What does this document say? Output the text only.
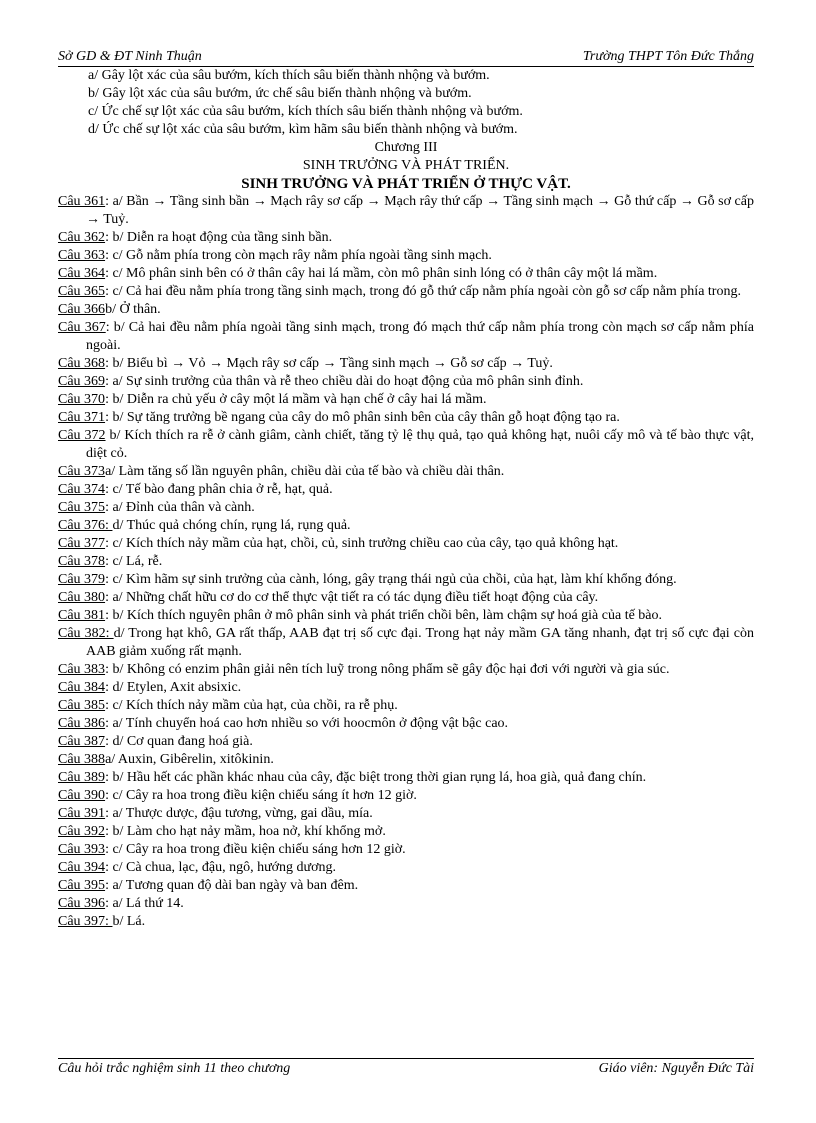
Sở GD & ĐT Ninh Thuận	Trường THPT Tôn Đức Thắng
a/ Gây lột xác của sâu bướm, kích thích sâu biến thành nhộng và bướm.
b/ Gây lột xác của sâu bướm, ức chế sâu biến thành nhộng và bướm.
c/ Ức chế sự lột xác của sâu bướm, kích thích sâu biến thành nhộng và bướm.
d/ Ức chế sự lột xác của sâu bướm, kìm hãm sâu biến thành nhộng và bướm.
Chương III
SINH TRƯỞNG VÀ PHÁT TRIỂN.
SINH TRƯỞNG VÀ PHÁT TRIỂN Ở THỰC VẬT.
Câu 361: a/ Bần → Tầng sinh bần → Mạch rây sơ cấp → Mạch rây thứ cấp → Tầng sinh mạch → Gỗ thứ cấp → Gỗ sơ cấp → Tuỷ.
Câu 362: b/ Diễn ra hoạt động của tầng sinh bần.
Câu 363: c/ Gỗ nằm phía trong còn mạch rây nằm phía ngoài tầng sinh mạch.
Câu 364: c/ Mô phân sinh bên có ở thân cây hai lá mầm, còn mô phân sinh lóng có ở thân cây một lá mầm.
Câu 365: c/ Cả hai đều nằm phía trong tầng sinh mạch, trong đó gỗ thứ cấp nằm phía ngoài còn gỗ sơ cấp nằm phía trong.
Câu 366b/ Ở thân.
Câu 367: b/ Cả hai đều nằm phía ngoài tầng sinh mạch, trong đó mạch thứ cấp nằm phía trong còn mạch sơ cấp nằm phía ngoài.
Câu 368: b/ Biểu bì → Vỏ → Mạch rây sơ cấp → Tầng sinh mạch → Gỗ sơ cấp → Tuỷ.
Câu 369: a/ Sự sinh trưởng của thân và rễ theo chiều dài do hoạt động của mô phân sinh đỉnh.
Câu 370: b/ Diễn ra chủ yếu ở cây một lá mầm và hạn chế ở cây hai lá mầm.
Câu 371: b/ Sự tăng trưởng bề ngang của cây do mô phân sinh bên của cây thân gỗ hoạt động tạo ra.
Câu 372 b/ Kích thích ra rễ ở cành giâm, cành chiết, tăng tỷ lệ thụ quả, tạo quả không hạt, nuôi cấy mô và tế bào thực vật, diệt cỏ.
Câu 373a/ Làm tăng số lần nguyên phân, chiều dài của tế bào và chiều dài thân.
Câu 374: c/ Tế bào đang phân chia ở rễ, hạt, quả.
Câu 375: a/ Đỉnh của thân và cành.
Câu 376: d/ Thúc quả chóng chín, rụng lá, rụng quả.
Câu 377: c/ Kích thích nảy mầm của hạt, chồi, củ, sinh trưởng chiều cao của cây, tạo quả không hạt.
Câu 378: c/ Lá, rễ.
Câu 379: c/ Kìm hãm sự sinh trưởng của cành, lóng, gây trạng thái ngủ của chồi, của hạt, làm khí khổng đóng.
Câu 380: a/ Những chất hữu cơ do cơ thể thực vật tiết ra có tác dụng điều tiết hoạt động của cây.
Câu 381: b/ Kích thích nguyên phân ở mô phân sinh và phát triển chồi bên, làm chậm sự hoá già của tế bào.
Câu 382: d/ Trong hạt khô, GA rất thấp, AAB đạt trị số cực đại. Trong hạt nảy mầm GA tăng nhanh, đạt trị số cực đại còn AAB giảm xuống rất mạnh.
Câu 383: b/ Không có enzim phân giải nên tích luỹ trong nông phẩm sẽ gây độc hại đơi với người và gia súc.
Câu 384: d/ Etylen, Axit absixic.
Câu 385: c/ Kích thích nảy mầm của hạt, của chồi, ra rễ phụ.
Câu 386: a/ Tính chuyển hoá cao hơn nhiều so với hoocmôn ở động vật bậc cao.
Câu 387: d/ Cơ quan đang hoá già.
Câu 388a/ Auxin, Gibêrelin, xitôkinin.
Câu 389: b/ Hầu hết các phần khác nhau của cây, đặc biệt trong thời gian rụng lá, hoa già, quả đang chín.
Câu 390: c/ Cây ra hoa trong điều kiện chiếu sáng ít hơn 12 giờ.
Câu 391: a/ Thược dược, đậu tương, vừng, gai dầu, mía.
Câu 392: b/ Làm cho hạt nảy mầm, hoa nở, khí khổng mở.
Câu 393: c/ Cây ra hoa trong điều kiện chiếu sáng hơn 12 giờ.
Câu 394: c/ Cà chua, lạc, đậu, ngô, hướng dương.
Câu 395: a/ Tương quan độ dài ban ngày và ban đêm.
Câu 396: a/ Lá thứ 14.
Câu 397: b/ Lá.
Câu hỏi trắc nghiệm sinh 11 theo chương	Giáo viên: Nguyễn Đức Tài
